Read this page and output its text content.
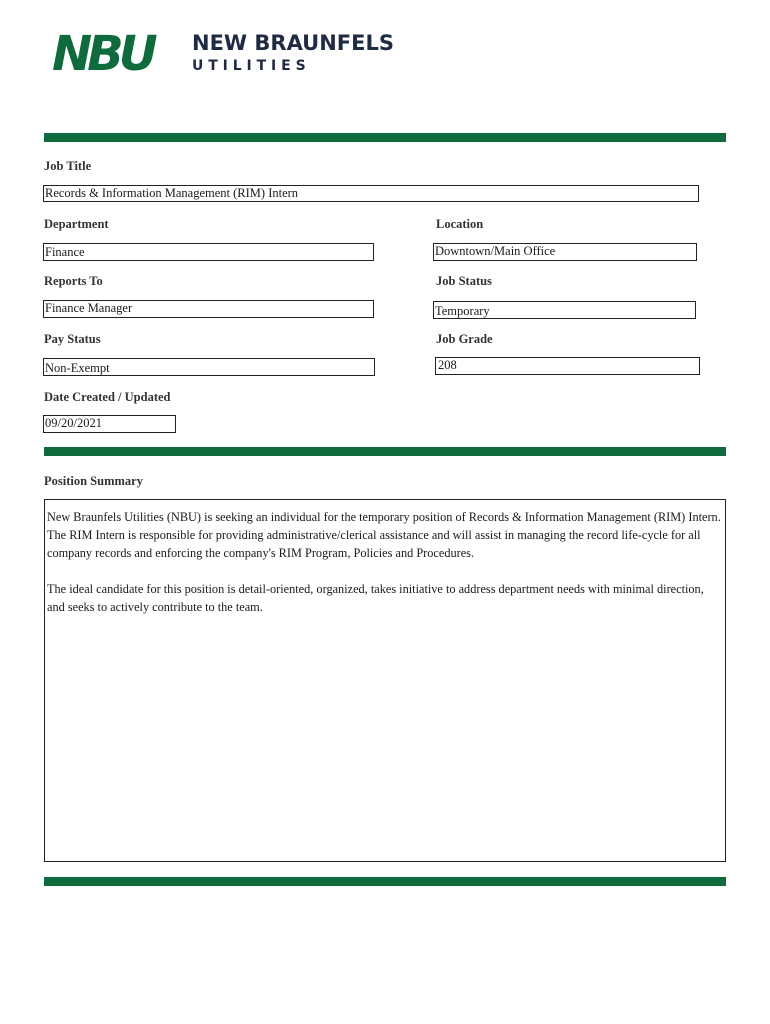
NBU NEW BRAUNFELS
U T I L I T I E S
Job Title
Records & Information Management (RIM) Intern
Department	Location
Finance	Downtown/Main Office
Reports To	Job Status
Finance Manager	Temporary
Pay Status	Job Grade
Non-Exempt	208
Date Created / Updated
09/20/2021
Position Summary

New Braunfels Utilities (NBU) is seeking an individual for the temporary position of Records & Information Management (RIM) Intern. The RIM Intern is responsible for providing administrative/clerical assistance and will assist in managing the record life-cycle for all company records and enforcing the company's RIM Program, Policies and Procedures.

The ideal candidate for this position is detail-oriented, organized, takes initiative to address department needs with minimal direction, and seeks to actively contribute to the team.
